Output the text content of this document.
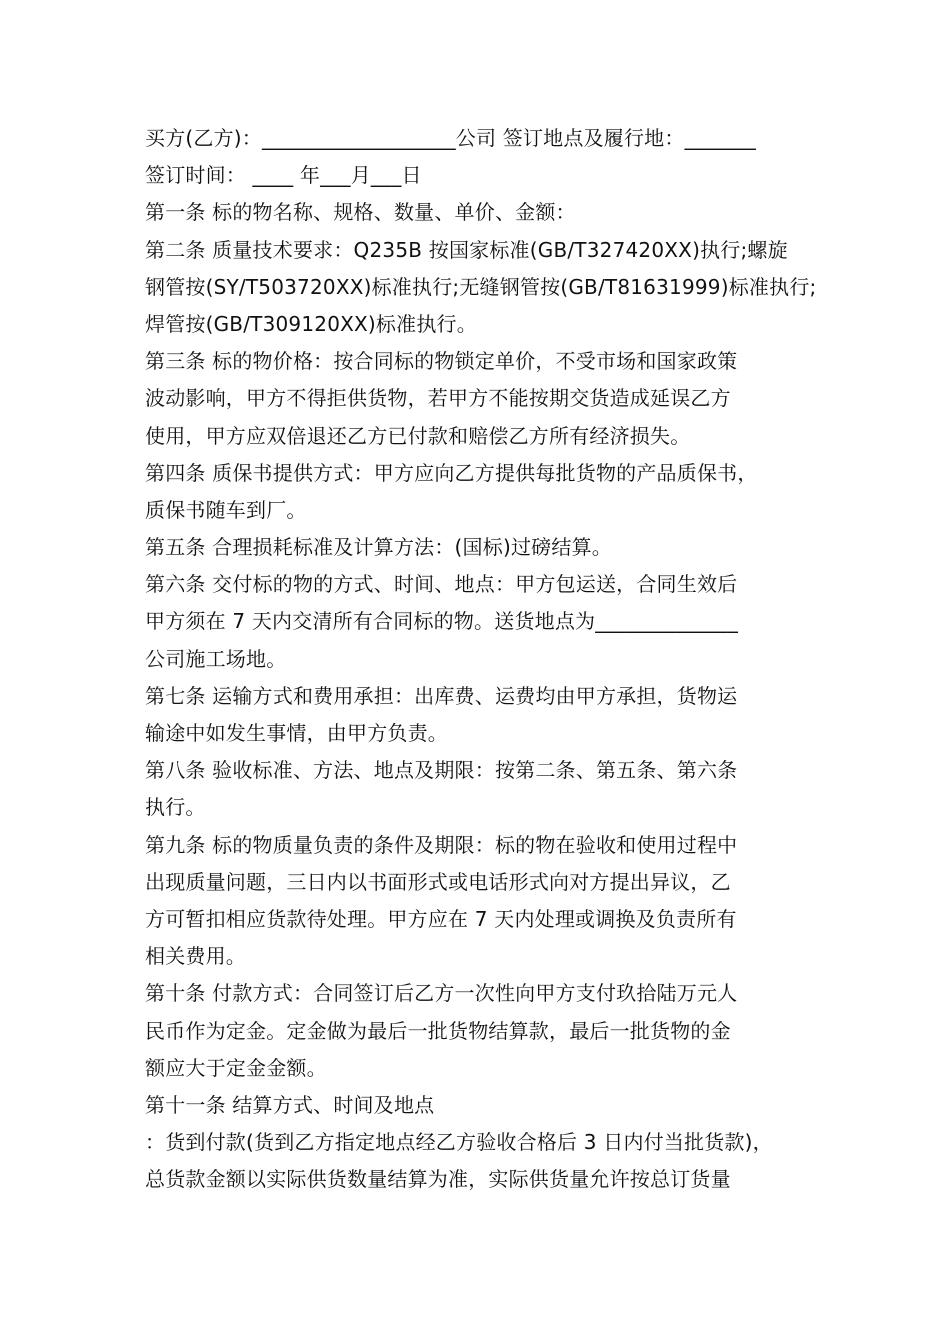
买方(乙方)：___________________公司 签订地点及履行地：_______
签订时间： ____ 年___月___日
第一条 标的物名称、规格、数量、单价、金额：
第二条 质量技术要求：Q235B 按国家标准(GB/T327420XX)执行;螺旋
钢管按(SY/T503720XX)标准执行;无缝钢管按(GB/T81631999)标准执行;
焊管按(GB/T309120XX)标准执行。
第三条 标的物价格：按合同标的物锁定单价，不受市场和国家政策
波动影响，甲方不得拒供货物，若甲方不能按期交货造成延误乙方
使用，甲方应双倍退还乙方已付款和赔偿乙方所有经济损失。
第四条 质保书提供方式：甲方应向乙方提供每批货物的产品质保书，
质保书随车到厂。
第五条 合理损耗标准及计算方法：(国标)过磅结算。
第六条 交付标的物的方式、时间、地点：甲方包运送，合同生效后
甲方须在 7 天内交清所有合同标的物。送货地点为______________
公司施工场地。
第七条 运输方式和费用承担：出库费、运费均由甲方承担，货物运
输途中如发生事情，由甲方负责。
第八条 验收标准、方法、地点及期限：按第二条、第五条、第六条
执行。
第九条 标的物质量负责的条件及期限：标的物在验收和使用过程中
出现质量问题，三日内以书面形式或电话形式向对方提出异议，乙
方可暂扣相应货款待处理。甲方应在 7 天内处理或调换及负责所有
相关费用。
第十条 付款方式：合同签订后乙方一次性向甲方支付玖拾陆万元人
民币作为定金。定金做为最后一批货物结算款，最后一批货物的金
额应大于定金金额。
第十一条 结算方式、时间及地点
：货到付款(货到乙方指定地点经乙方验收合格后 3 日内付当批货款)，
总货款金额以实际供货数量结算为准，实际供货量允许按总订货量
